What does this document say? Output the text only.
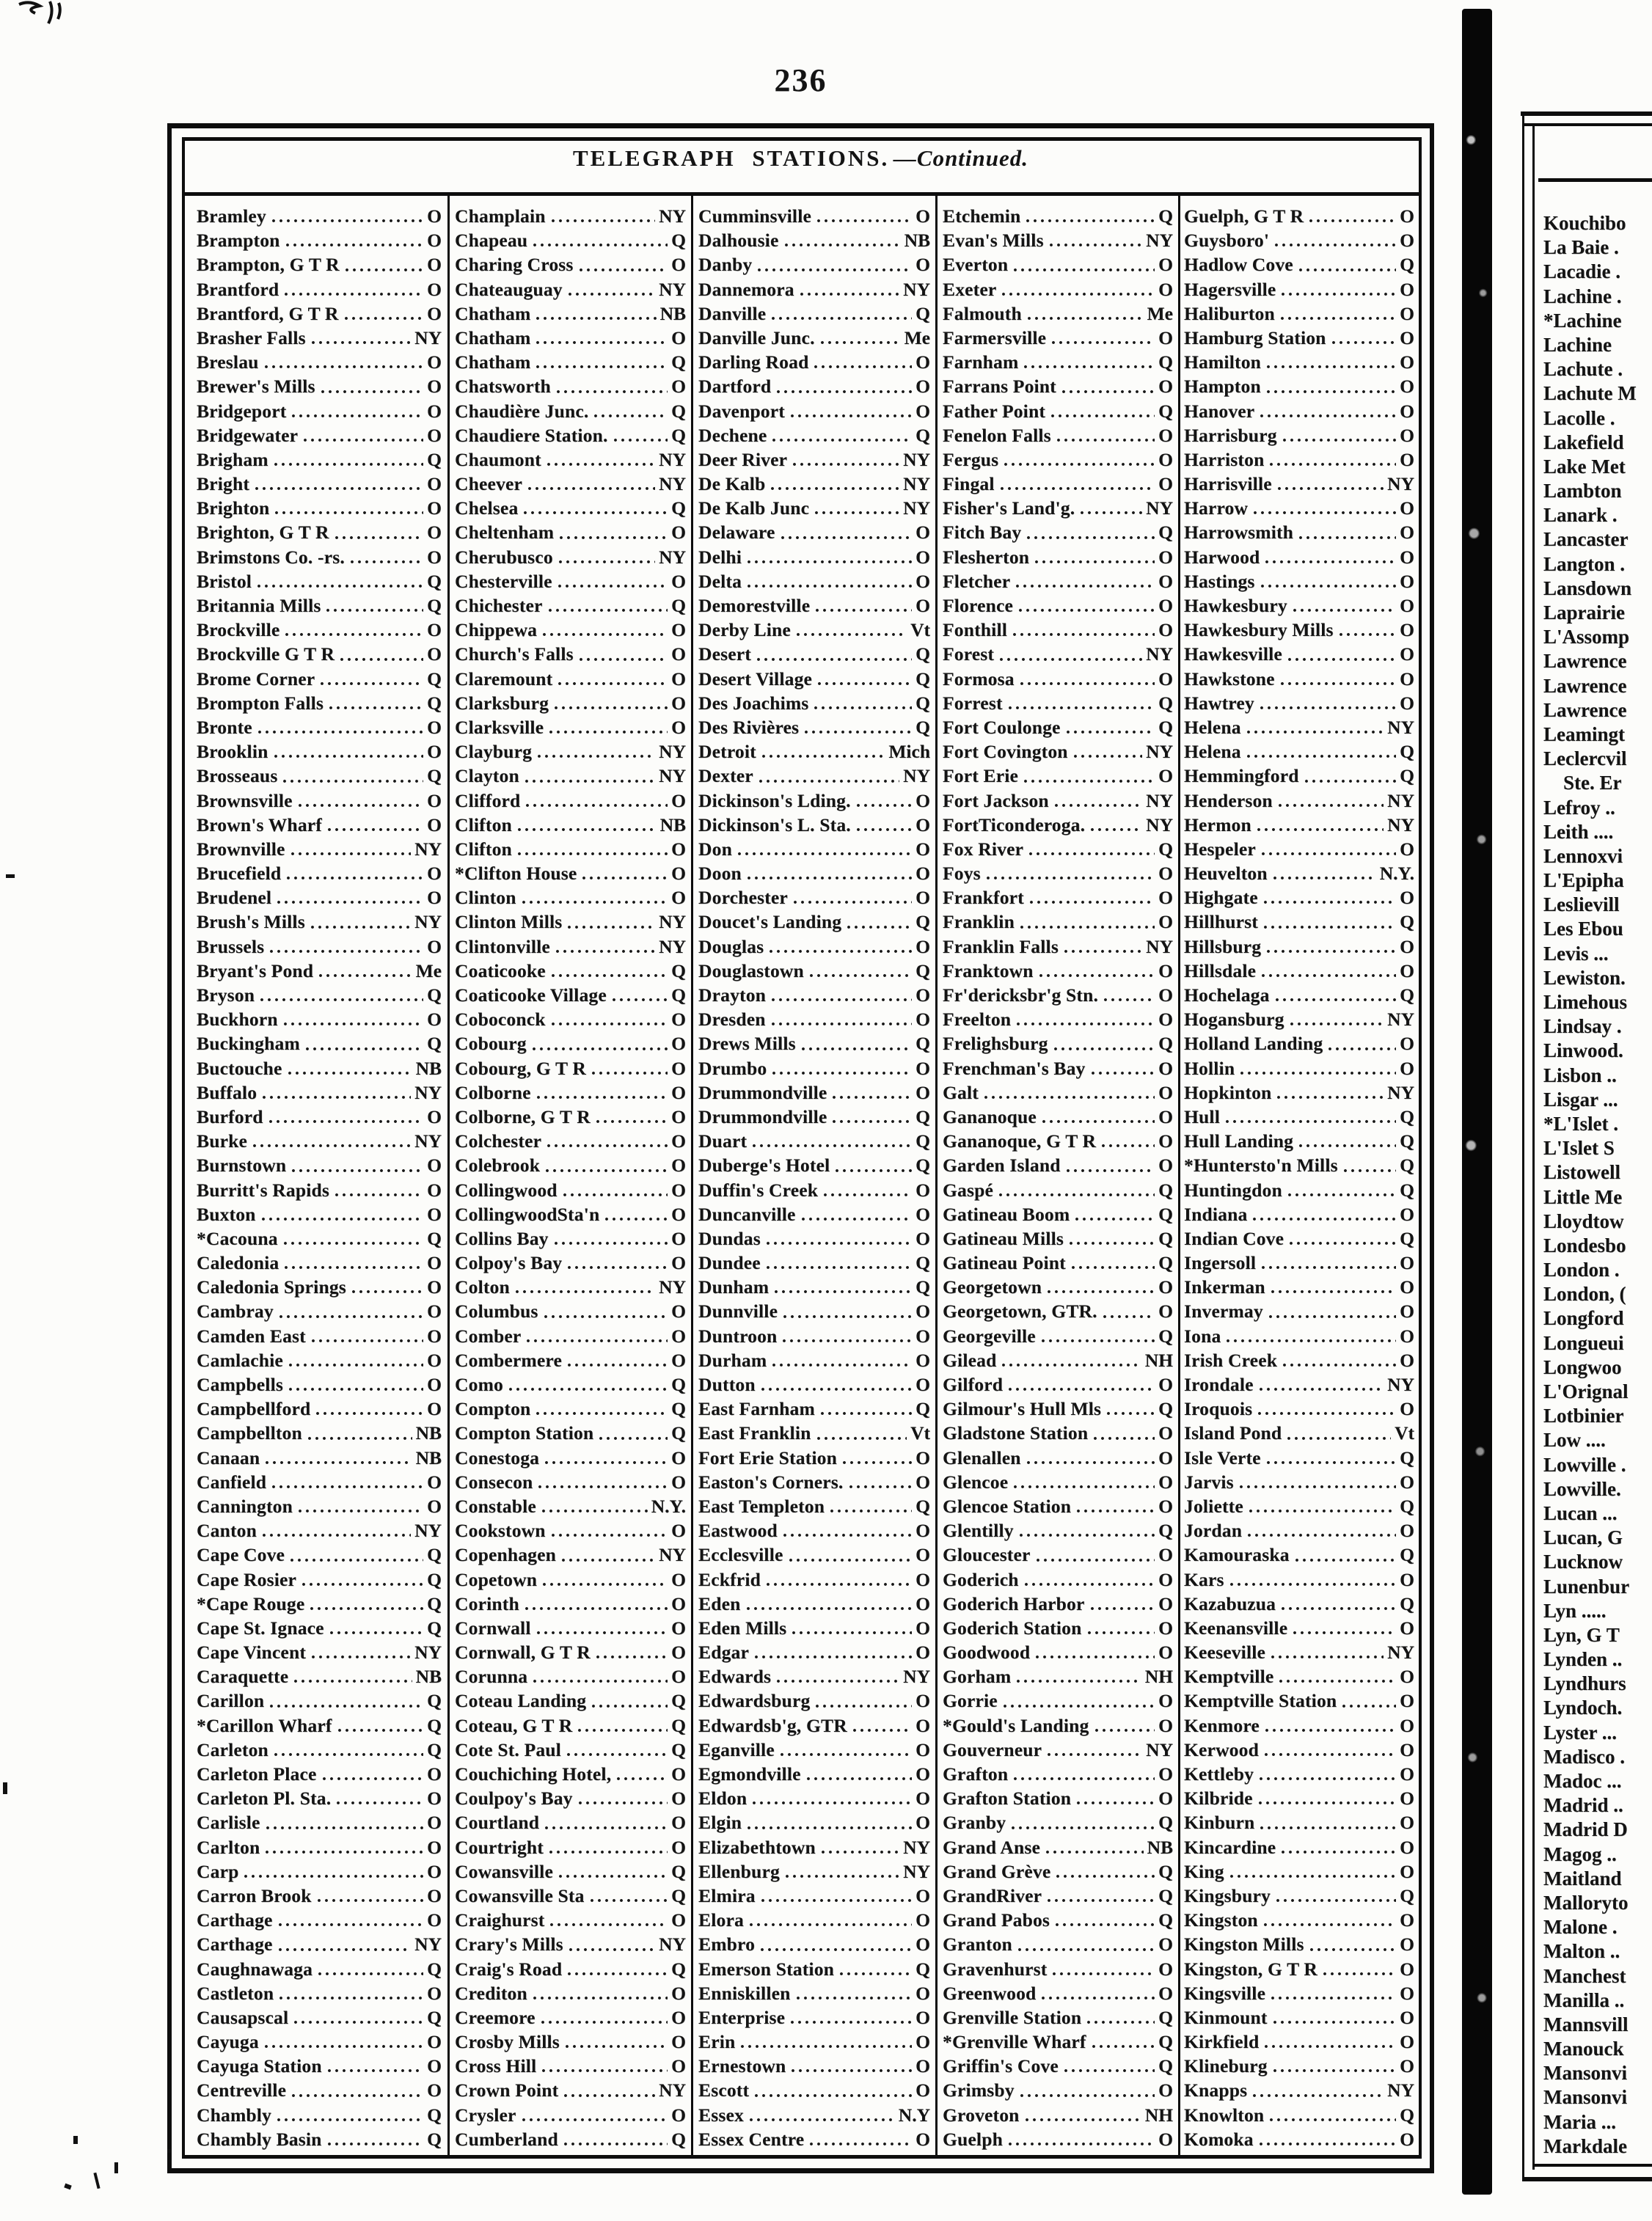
236
TELEGRAPH STATIONS.  —Continued.
Bramley	O
Brampton	O
Brampton, G T R	O
Brantford	O
Brantford, G T R	O
Brasher Falls	NY
Breslau	O
Brewer's Mills	O
Bridgeport	O
Bridgewater	O
Brigham	Q
Bright	O
Brighton	O
Brighton, G T R	O
Brimstons Co. -rs.	O
Bristol	Q
Britannia Mills	Q
Brockville	O
Brockville G T R	O
Brome Corner	Q
Brompton Falls	Q
Bronte	O
Brooklin	O
Brosseaus	Q
Brownsville	O
Brown's Wharf	O
Brownville	NY
Brucefield	O
Brudenel	O
Brush's Mills	NY
Brussels	O
Bryant's Pond	Me
Bryson	Q
Buckhorn	O
Buckingham	Q
Buctouche	NB
Buffalo	NY
Burford	O
Burke	NY
Burnstown	O
Burritt's Rapids	O
Buxton	O
*Cacouna	Q
Caledonia	O
Caledonia Springs	O
Cambray	O
Camden East	O
Camlachie	O
Campbells	O
Campbellford	O
Campbellton	NB
Canaan	NB
Canfield	O
Cannington	O
Canton	NY
Cape Cove	Q
Cape Rosier	Q
*Cape Rouge	Q
Cape St. Ignace	Q
Cape Vincent	NY
Caraquette	NB
Carillon	Q
*Carillon Wharf	Q
Carleton	Q
Carleton Place	O
Carleton Pl. Sta.	O
Carlisle	O
Carlton	O
Carp	O
Carron Brook	O
Carthage	O
Carthage	NY
Caughnawaga	Q
Castleton	O
Causapscal	Q
Cayuga	O
Cayuga Station	O
Centreville	O
Chambly	Q
Chambly Basin	Q
Champlain	NY
Chapeau	Q
Charing Cross	O
Chateauguay	NY
Chatham	NB
Chatham	O
Chatham	Q
Chatsworth	O
Chaudière Junc.	Q
Chaudiere Station.	Q
Chaumont	NY
Cheever	NY
Chelsea	Q
Cheltenham	O
Cherubusco	NY
Chesterville	O
Chichester	Q
Chippewa	O
Church's Falls	O
Claremount	O
Clarksburg	O
Clarksville	O
Clayburg	NY
Clayton	NY
Clifford	O
Clifton	NB
Clifton	O
*Clifton House	O
Clinton	O
Clinton Mills	NY
Clintonville	NY
Coaticooke	Q
Coaticooke Village	Q
Coboconck	O
Cobourg	O
Cobourg, G T R	O
Colborne	O
Colborne, G T R	O
Colchester	O
Colebrook	O
Collingwood	O
CollingwoodSta'n	O
Collins Bay	O
Colpoy's Bay	O
Colton	NY
Columbus	O
Comber	O
Combermere	O
Como	Q
Compton	Q
Compton Station	Q
Conestoga	O
Consecon	O
Constable	N.Y.
Cookstown	O
Copenhagen	NY
Copetown	O
Corinth	O
Cornwall	O
Cornwall, G T R	O
Corunna	O
Coteau Landing	Q
Coteau, G T R	Q
Cote St. Paul	Q
Couchiching Hotel,	O
Coulpoy's Bay	O
Courtland	O
Courtright	O
Cowansville	Q
Cowansville Sta	Q
Craighurst	O
Crary's Mills	NY
Craig's Road	Q
Crediton	O
Creemore	O
Crosby Mills	O
Cross Hill	O
Crown Point	NY
Crysler	O
Cumberland	Q
Cumminsville	O
Dalhousie	NB
Danby	O
Dannemora	NY
Danville	Q
Danville Junc.	Me
Darling Road	O
Dartford	O
Davenport	O
Dechene	Q
Deer River	NY
De Kalb	NY
De Kalb Junc	NY
Delaware	O
Delhi	O
Delta	O
Demorestville	O
Derby Line	Vt
Desert	Q
Desert Village	Q
Des Joachims	Q
Des Rivières	Q
Detroit	Mich
Dexter	NY
Dickinson's Lding.	O
Dickinson's L. Sta.	O
Don	O
Doon	O
Dorchester	O
Doucet's Landing	Q
Douglas	O
Douglastown	Q
Drayton	O
Dresden	O
Drews Mills	Q
Drumbo	O
Drummondville	O
Drummondville	Q
Duart	Q
Duberge's Hotel	Q
Duffin's Creek	O
Duncanville	O
Dundas	O
Dundee	Q
Dunham	Q
Dunnville	O
Duntroon	O
Durham	O
Dutton	O
East Farnham	Q
East Franklin	Vt
Fort Erie Station	O
Easton's Corners.	O
East Templeton	Q
Eastwood	O
Ecclesville	O
Eckfrid	O
Eden	O
Eden Mills	O
Edgar	O
Edwards	NY
Edwardsburg	O
Edwardsb'g, GTR	O
Eganville	O
Egmondville	O
Eldon	O
Elgin	O
Elizabethtown	NY
Ellenburg	NY
Elmira	O
Elora	O
Embro	O
Emerson Station	Q
Enniskillen	O
Enterprise	O
Erin	O
Ernestown	O
Escott	O
Essex	N.Y
Essex Centre	O
Etchemin	Q
Evan's Mills	NY
Everton	O
Exeter	O
Falmouth	Me
Farmersville	O
Farnham	Q
Farrans Point	O
Father Point	Q
Fenelon Falls	O
Fergus	O
Fingal	O
Fisher's Land'g.	NY
Fitch Bay	Q
Flesherton	O
Fletcher	O
Florence	O
Fonthill	O
Forest	NY
Formosa	O
Forrest	Q
Fort Coulonge	Q
Fort Covington	NY
Fort Erie	O
Fort Jackson	NY
FortTiconderoga.	NY
Fox River	Q
Foys	O
Frankfort	O
Franklin	O
Franklin Falls	NY
Franktown	O
Fr'dericksbr'g Stn.	O
Freelton	O
Frelighsburg	Q
Frenchman's Bay	O
Galt	O
Gananoque	O
Gananoque, G T R	O
Garden Island	O
Gaspé	Q
Gatineau Boom	Q
Gatineau Mills	Q
Gatineau Point	Q
Georgetown	O
Georgetown, GTR.	O
Georgeville	Q
Gilead	NH
Gilford	O
Gilmour's Hull Mls	Q
Gladstone Station	O
Glenallen	O
Glencoe	O
Glencoe Station	O
Glentilly	Q
Gloucester	O
Goderich	O
Goderich Harbor	O
Goderich Station	O
Goodwood	O
Gorham	NH
Gorrie	O
*Gould's Landing	O
Gouverneur	NY
Grafton	O
Grafton Station	O
Granby	Q
Grand Anse	NB
Grand Grève	Q
GrandRiver	Q
Grand Pabos	Q
Granton	O
Gravenhurst	O
Greenwood	O
Grenville Station	Q
*Grenville Wharf	Q
Griffin's Cove	Q
Grimsby	O
Groveton	NH
Guelph	O
Guelph, G T R	O
Guysboro'	O
Hadlow Cove	Q
Hagersville	O
Haliburton	O
Hamburg Station	O
Hamilton	O
Hampton	O
Hanover	O
Harrisburg	O
Harriston	O
Harrisville	NY
Harrow	O
Harrowsmith	O
Harwood	O
Hastings	O
Hawkesbury	O
Hawkesbury Mills	O
Hawkesville	O
Hawkstone	O
Hawtrey	O
Helena	NY
Helena	Q
Hemmingford	Q
Henderson	NY
Hermon	NY
Hespeler	O
Heuvelton	N.Y.
Highgate	O
Hillhurst	Q
Hillsburg	O
Hillsdale	O
Hochelaga	Q
Hogansburg	NY
Holland Landing	O
Hollin	O
Hopkinton	NY
Hull	Q
Hull Landing	Q
*Huntersto'n Mills	Q
Huntingdon	Q
Indiana	O
Indian Cove	Q
Ingersoll	O
Inkerman	O
Invermay	O
Iona	O
Irish Creek	O
Irondale	NY
Iroquois	O
Island Pond	Vt
Isle Verte	Q
Jarvis	O
Joliette	Q
Jordan	O
Kamouraska	Q
Kars	O
Kazabuzua	Q
Keenansville	O
Keeseville	NY
Kemptville	O
Kemptville Station	O
Kenmore	O
Kerwood	O
Kettleby	O
Kilbride	O
Kinburn	O
Kincardine	O
King	O
Kingsbury	Q
Kingston	O
Kingston Mills	O
Kingston, G T R	O
Kingsville	O
Kinmount	O
Kirkfield	O
Klineburg	O
Knapps	NY
Knowlton	Q
Komoka	O
Kouchibo
La Baie .
Lacadie .
Lachine .
*Lachine
Lachine
Lachute .
Lachute M
Lacolle .
Lakefield
Lake Met
Lambton
Lanark .
Lancaster
Langton .
Lansdown
Laprairie
L'Assomp
Lawrence
Lawrence
Lawrence
Leamingt
Leclercvil
Ste. Er
Lefroy ..
Leith ....
Lennoxvi
L'Epipha
Leslievill
Les Ebou
Levis ...
Lewiston.
Limehous
Lindsay .
Linwood.
Lisbon ..
Lisgar ...
*L'Islet .
L'Islet S
Listowell
Little Me
Lloydtow
Londesbo
London .
London, (
Longford
Longueui
Longwoo
L'Orignal
Lotbinier
Low ....
Lowville .
Lowville.
Lucan ...
Lucan, G
Lucknow
Lunenbur
Lyn .....
Lyn, G T
Lynden ..
Lyndhurs
Lyndoch.
Lyster ...
Madisco .
Madoc ...
Madrid ..
Madrid D
Magog ..
Maitland
Malloryto
Malone .
Malton ..
Manchest
Manilla ..
Mannsvill
Manouck
Mansonvi
Mansonvi
Maria ...
Markdale
